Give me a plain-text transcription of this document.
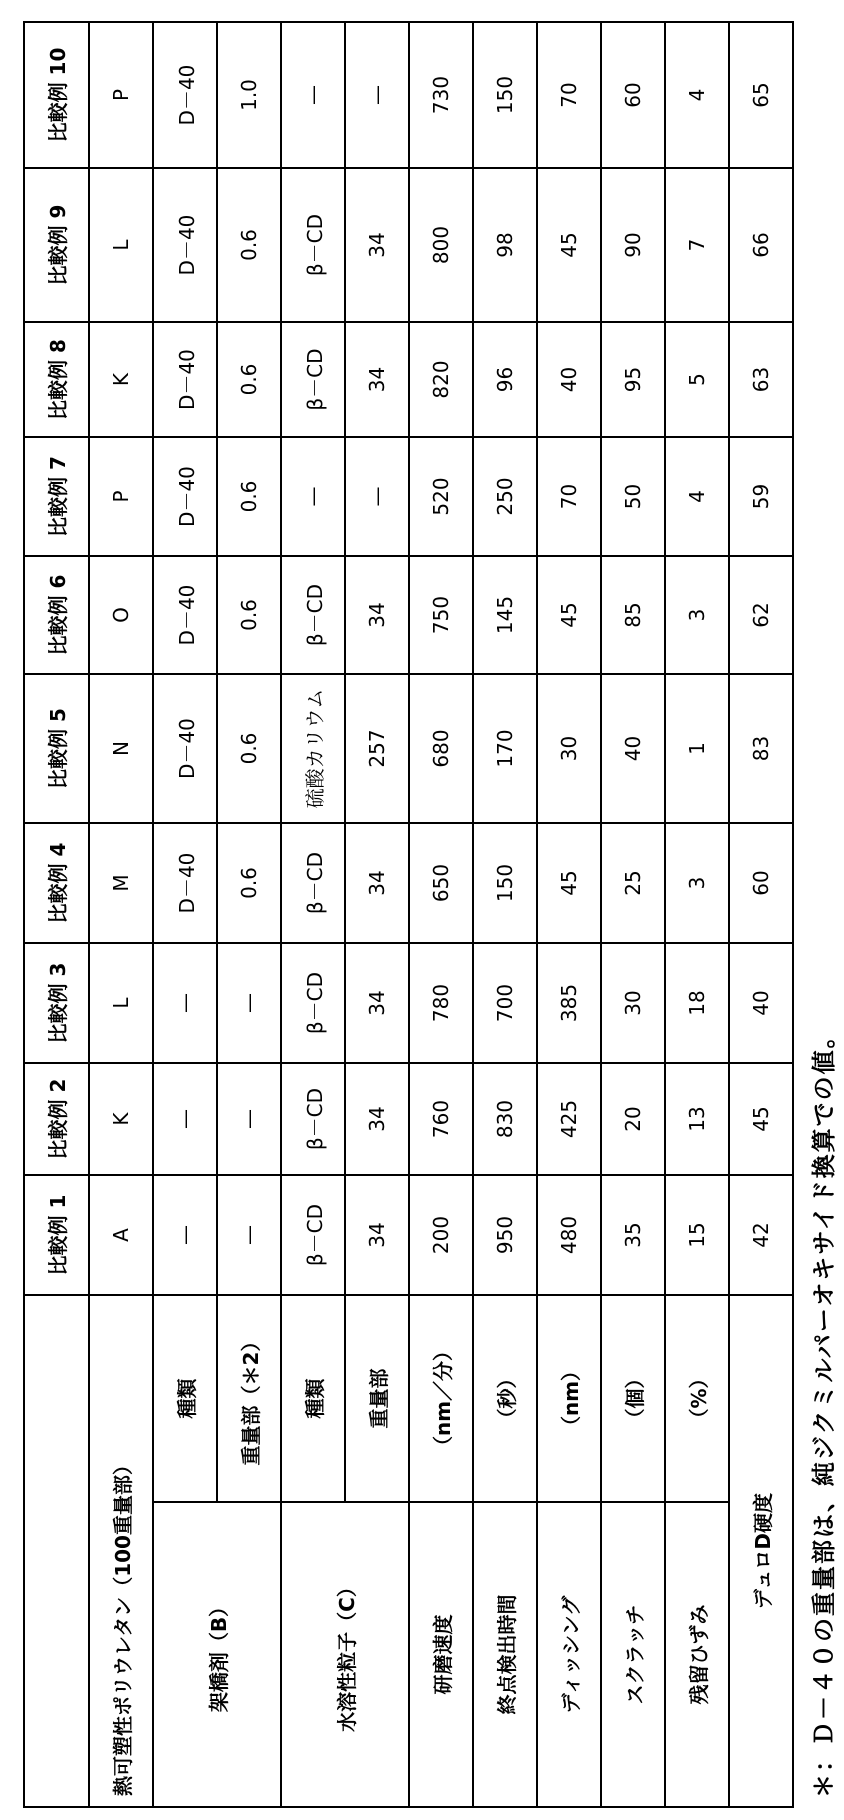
	比較例 1	比較例 2	比較例 3	比較例 4	比較例 5	比較例 6	比較例 7	比較例 8	比較例 9	比較例 10
熱可塑性ポリウレタン（100重量部）	A	K	L	M	N	O	P	K	L	P
架橋剤（B）	種類	—	—	—	D－40	D－40	D－40	D－40	D－40	D－40	D－40
重量部（＊2）	—	—	—	0.6	0.6	0.6	0.6	0.6	0.6	1.0
水溶性粒子（C）	種類	β－CD	β－CD	β－CD	β－CD	硫酸カリウム	β－CD	—	β－CD	β－CD	—
重量部	34	34	34	34	257	34	—	34	34	—
研磨速度	（nm／分）	200	760	780	650	680	750	520	820	800	730
終点検出時間	（秒）	950	830	700	150	170	145	250	96	98	150
ディッシング	（nm）	480	425	385	45	30	45	70	40	45	70
スクラッチ	（個）	35	20	30	25	40	85	50	95	90	60
残留ひずみ	（%）	15	13	18	3	1	3	4	5	7	4
デュロD硬度	42	45	40	60	83	62	59	63	66	65
＊：Ｄ－４０の重量部は、純ジクミルパーオキサイド換算での値。
